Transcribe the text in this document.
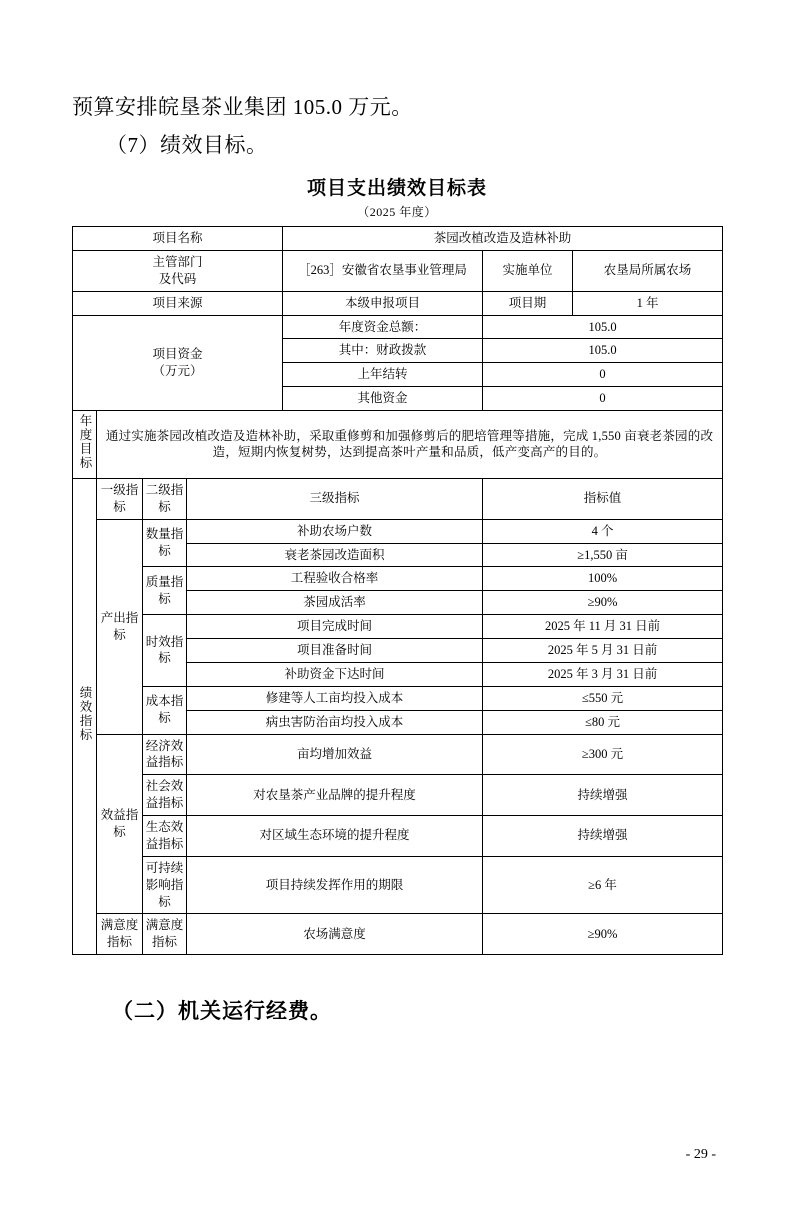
预算安排皖垦茶业集团 105.0 万元。
（7）绩效目标。
项目支出绩效目标表
（2025 年度）
项目名称				茶园改植改造及造林补助		

主管部门
及代码				［263］安徽省农垦事业管理局	实施单位	农垦局所属农场
项目来源				本级申报项目	项目期	1 年

项目资金
（万元）				年度资金总额：	105.0	
				其中：财政拨款	105.0	
				上年结转	0	
				其他资金	0	
年度目标	通过实施茶园改植改造及造林补助，采取重修剪和加强修剪后的肥培管理等措施，完成 1,550 亩衰老茶园的改造，短期内恢复树势，达到提高茶叶产量和品质，低产变高产的目的。					
绩效指标	一级指标	二级指标	三级指标		指标值	
	产出指标	数量指标	补助农场户数		4 个	
			衰老茶园改造面积		≥1,550 亩	
		质量指标	工程验收合格率		100%	
			茶园成活率		≥90%	
		时效指标	项目完成时间		2025 年 11 月 31 日前	
			项目准备时间		2025 年 5 月 31 日前	
			补助资金下达时间		2025 年 3 月 31 日前	
		成本指标	修建等人工亩均投入成本		≤550 元	
			病虫害防治亩均投入成本		≤80 元	
	效益指标	经济效益指标	亩均增加效益		≥300 元	
		社会效益指标	对农垦茶产业品牌的提升程度		持续增强	
		生态效益指标	对区域生态环境的提升程度		持续增强	
		可持续影响指标	项目持续发挥作用的期限		≥6 年	
	满意度指标	满意度指标	农场满意度		≥90%	
（二）机关运行经费。
- 29 -
